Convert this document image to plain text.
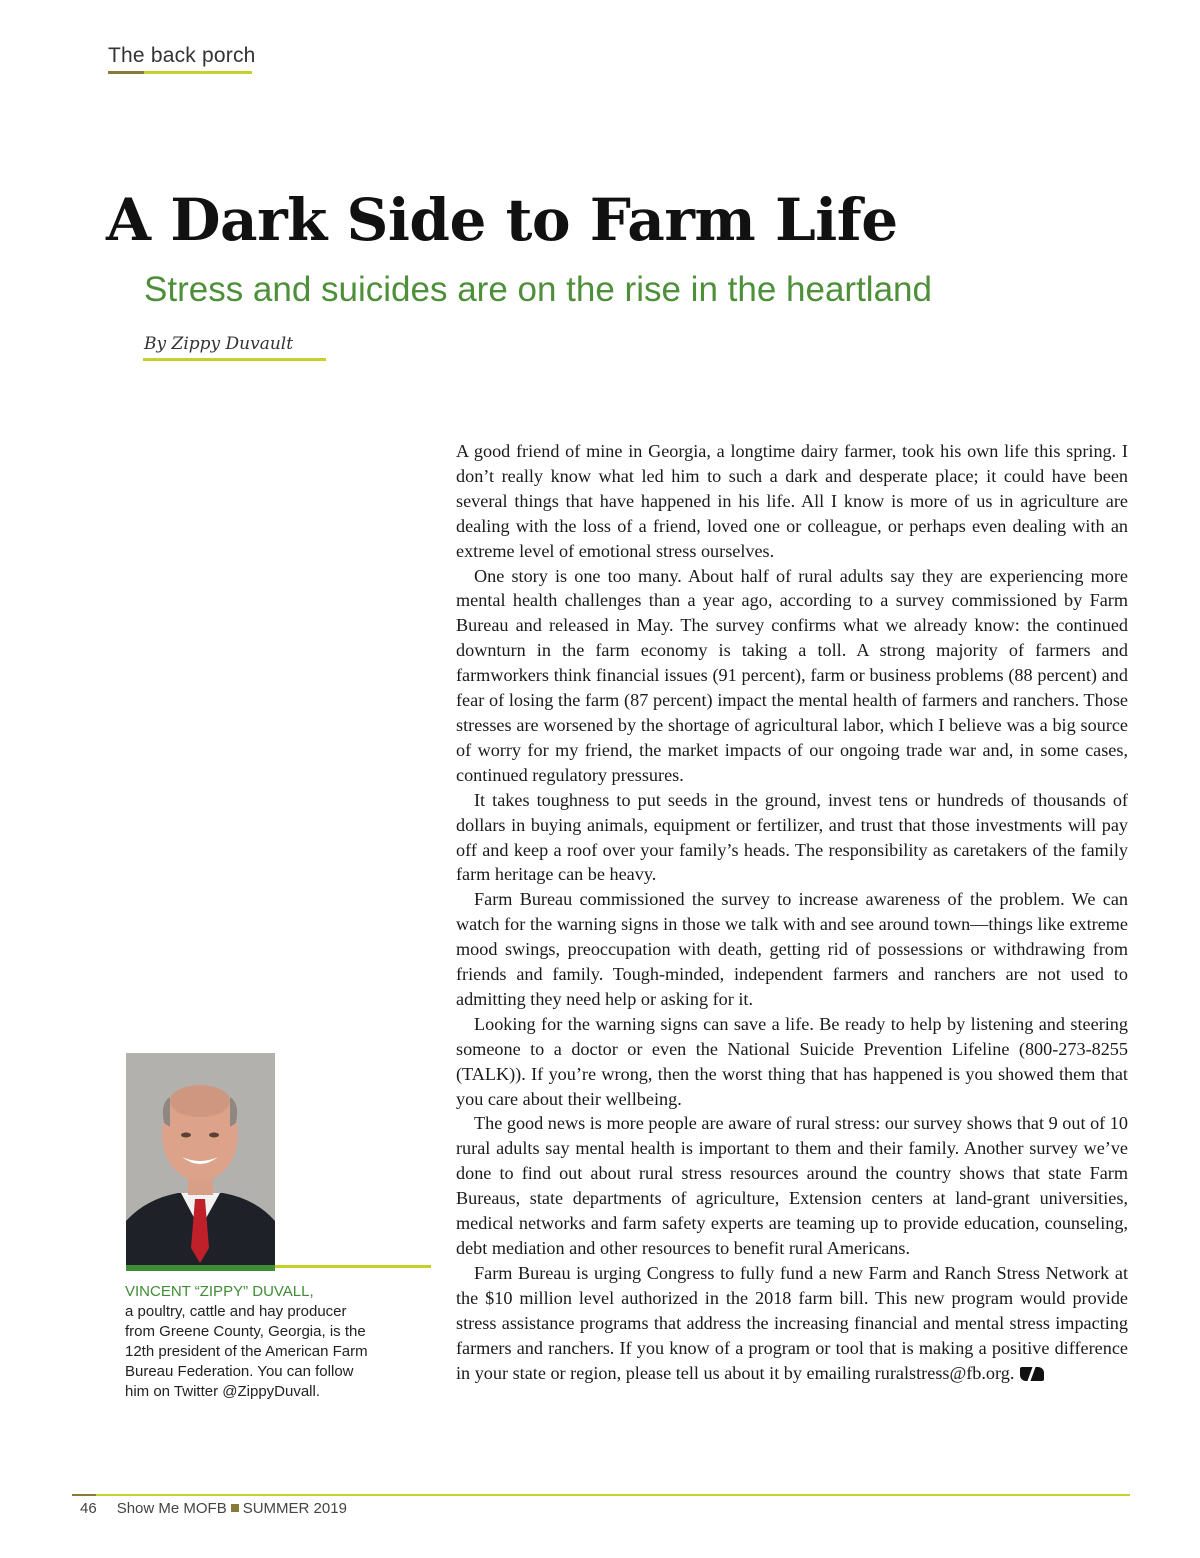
The back porch
A Dark Side to Farm Life
Stress and suicides are on the rise in the heartland
By Zippy Duvault

A good friend of mine in Georgia, a longtime dairy farmer, took his own life this spring. I don’t really know what led him to such a dark and desperate place; it could have been several things that have happened in his life. All I know is more of us in agriculture are dealing with the loss of a friend, loved one or colleague, or perhaps even dealing with an extreme level of emotional stress ourselves.

One story is one too many. About half of rural adults say they are experiencing more mental health challenges than a year ago, according to a survey commissioned by Farm Bureau and released in May. The survey confirms what we already know: the continued downturn in the farm economy is taking a toll. A strong majority of farmers and farmworkers think financial issues (91 percent), farm or business problems (88 percent) and fear of losing the farm (87 percent) impact the mental health of farmers and ranchers. Those stresses are worsened by the shortage of agricultural labor, which I believe was a big source of worry for my friend, the market impacts of our ongoing trade war and, in some cases, continued regulatory pressures.

It takes toughness to put seeds in the ground, invest tens or hundreds of thousands of dollars in buying animals, equipment or fertilizer, and trust that those investments will pay off and keep a roof over your family’s heads. The responsibility as caretakers of the family farm heritage can be heavy.

Farm Bureau commissioned the survey to increase awareness of the problem. We can watch for the warning signs in those we talk with and see around town—things like extreme mood swings, preoccupation with death, getting rid of possessions or withdrawing from friends and family. Tough-minded, independent farmers and ranchers are not used to admitting they need help or asking for it.

Looking for the warning signs can save a life. Be ready to help by listening and steering someone to a doctor or even the National Suicide Prevention Lifeline (800-273-8255 (TALK)). If you’re wrong, then the worst thing that has happened is you showed them that you care about their wellbeing.

The good news is more people are aware of rural stress: our survey shows that 9 out of 10 rural adults say mental health is important to them and their family. Another survey we’ve done to find out about rural stress resources around the country shows that state Farm Bureaus, state departments of agriculture, Extension centers at land-grant universities, medical networks and farm safety experts are teaming up to provide education, counseling, debt mediation and other resources to benefit rural Americans.

Farm Bureau is urging Congress to fully fund a new Farm and Ranch Stress Network at the $10 million level authorized in the 2018 farm bill. This new program would provide stress assistance programs that address the increasing financial and mental stress impacting farmers and ranchers. If you know of a program or tool that is making a positive difference in your state or region, please tell us about it by emailing ruralstress@fb.org.

VINCENT “ZIPPY” DUVALL,
a poultry, cattle and hay producer from Greene County, Georgia, is the 12th president of the American Farm Bureau Federation. You can follow him on Twitter @ZippyDuvall.
46 Show Me MOFB SUMMER 2019
